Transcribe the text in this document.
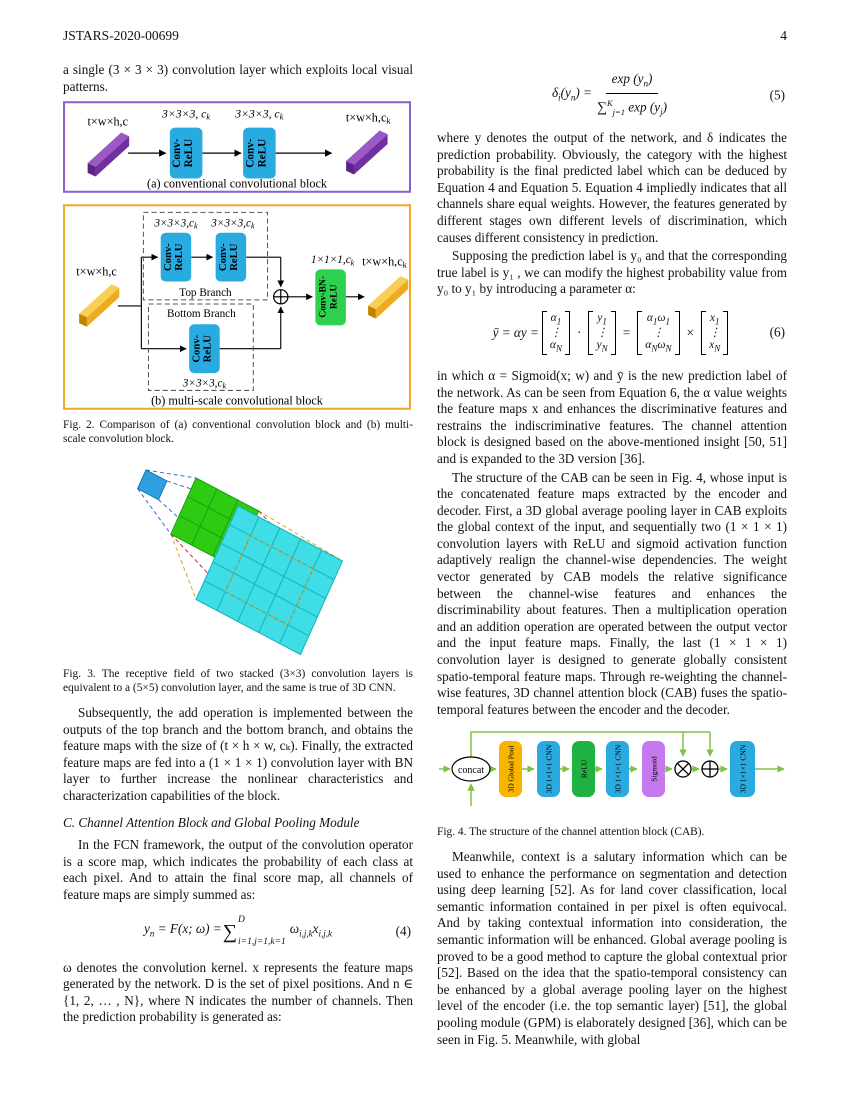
JSTARS-2020-00699	4

a single (3 × 3 × 3) convolution layer which exploits local visual patterns.

t×w×h,c
3×3×3, ck
Conv- ReLU
3×3×3, ck
Conv- ReLU
t×w×h,ck
(a) conventional convolutional block
t×w×h,c
3×3×3,ck 3×3×3,ck
Conv- ReLU	Conv- ReLU
Top Branch
Bottom Branch
Conv- ReLU
3×3×3,ck
1×1×1,ck
Conv-BN- ReLU
t×w×h,ck
(b) multi-scale convolutional block
Fig. 2. Comparison of (a) conventional convolution block and (b) multi-scale convolution block.
Fig. 3. The receptive field of two stacked (3×3) convolution layers is equivalent to a (5×5) convolution layer, and the same is true of 3D CNN.

Subsequently, the add operation is implemented between the outputs of the top branch and the bottom branch, and obtains the feature maps with the size of (t × h × w, cₖ). Finally, the extracted feature maps are fed into a (1 × 1 × 1) convolution layer with BN layer to further increase the nonlinear characteristics and characterization capabilities of the block.

C. Channel Attention Block and Global Pooling Module

In the FCN framework, the output of the convolution operator is a score map, which indicates the probability of each class at each pixel. And to attain the final score map, all channels of feature maps are simply summed as:

$y_n = F(x$; ω) = ∑
D
i=1,j=1,k=1
$\omega_{i,j,k}x_{i,j,k}$	(4)

ω denotes the convolution kernel. x represents the feature maps generated by the network. D is the set of pixel positions. And n ∈ {1, 2, … , N}, where N indicates the number of channels. Then the prediction probability is generated as:

$\delta_i(y_n) = \frac{\exp (y_n)}{\sum^K_{j=1} \exp (y_j)}$	(5)

where y denotes the output of the network, and δ indicates the prediction probability. Obviously, the category with the highest probability is the final predicted label which can be deduced by Equation 4 and Equation 5. Equation 4 impliedly indicates that all channels share equal weights. However, the features generated by different stages own different levels of discrimination, which causes different consistency in prediction.

Supposing the prediction label is y₀ and that the corresponding true label is y₁ , we can modify the highest probability value from y₀ to y₁ by introducing a parameter α:

ȳ = αy =
$\alpha_1$
⋮
$\alpha_N$
·
$y_1$
⋮
$y_N$
=
$\alpha_1\omega_1$
⋮
$\alpha_N\omega_N$
×
$x_1$
⋮
$x_N$
(6)

in which α = Sigmoid(x; w) and ȳ is the new prediction label of the network. As can be seen from Equation 6, the α value weights the feature maps x and enhances the discriminative features and restrains the indiscriminative features. The channel attention block is designed based on the above-mentioned insight [50, 51] and is expanded to the 3D version [36].

The structure of the CAB can be seen in Fig. 4, whose input is the concatenated feature maps extracted by the encoder and decoder. First, a 3D global average pooling layer in CAB exploits the global context of the input, and sequentially two (1 × 1 × 1) convolution layers with ReLU and sigmoid activation function adaptively realign the channel-wise dependencies. The weight vector generated by CAB models the relative significance between the channel-wise features and enhances the discriminability about features. Then a multiplication operation and an addition operation are operated between the output vector and the input feature maps. Finally, the last (1 × 1 × 1) convolution layer is designed to generate globally consistent spatio-temporal feature maps. Through re-weighting the channel-wise features, 3D channel attention block (CAB) fuses the spatio-temporal features between the encoder and the decoder.

concat	3D Global Pool	3D 1×1×1 CNN	ReLU	3D 1×1×1 CNN	Sigmoid	3D 1×1×1 CNN
Fig. 4. The structure of the channel attention block (CAB).

Meanwhile, context is a salutary information which can be used to enhance the performance on segmentation and detection using deep learning [52]. As for land cover classification, local semantic information contained in per pixel is often equivocal. And by taking contextual information into consideration, the semantic information will be enhanced. Global average pooling is proved to be a good method to capture the global contextual prior [52]. Based on the idea that the spatio-temporal consistency can be enhanced by a global average pooling layer on the highest level of the encoder (i.e. the top semantic layer) [51], the global pooling module (GPM) is elaborately designed [36], which can be seen in Fig. 5. Meanwhile, with global
